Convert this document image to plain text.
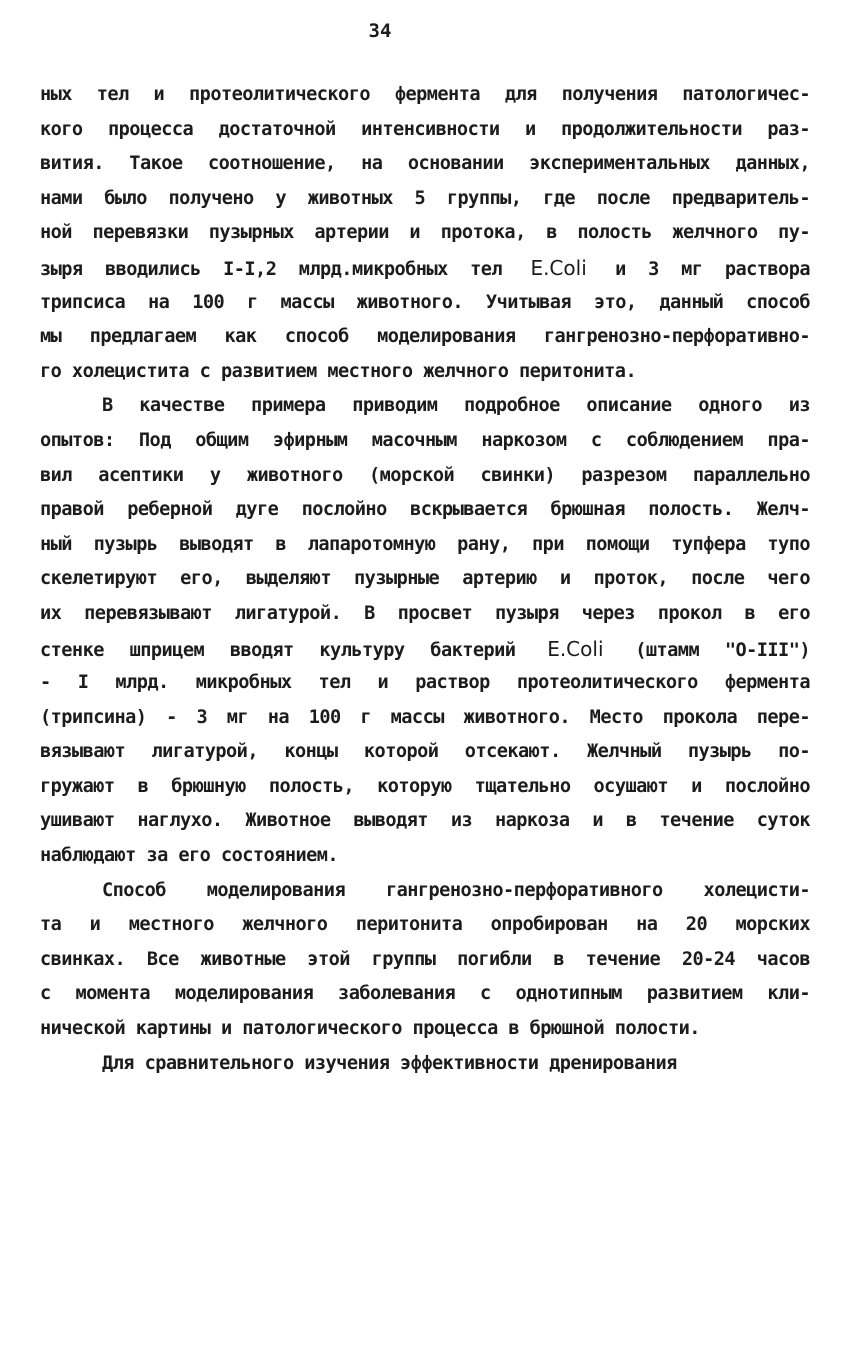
34
ных тел и протеолитического фермента для получения патологичес-
кого процесса достаточной интенсивности и продолжительности раз-
вития. Такое соотношение, на основании экспериментальных данных,
нами было получено у животных 5 группы, где после предваритель-
ной перевязки пузырных артерии и протока, в полость желчного пу-
зыря вводились I-I,2 млрд.микробных тел E.Coli и 3 мг раствора
трипсиса на 100 г массы животного. Учитывая это, данный способ
мы предлагаем как способ моделирования гангренозно-перфоративно-
го холецистита с развитием местного желчного перитонита.
В качестве примера приводим подробное описание одного из
опытов: Под общим эфирным масочным наркозом с соблюдением пра-
вил асептики у животного (морской свинки) разрезом параллельно
правой реберной дуге послойно вскрывается брюшная полость. Желч-
ный пузырь выводят в лапаротомную рану, при помощи тупфера тупо
скелетируют его, выделяют пузырные артерию и проток, после чего
их перевязывают лигатурой. В просвет пузыря через прокол в его
стенке шприцем вводят культуру бактерий E.Coli (штамм "O-III")
- I млрд. микробных тел и раствор протеолитического фермента
(трипсина) - 3 мг на 100 г массы животного. Место прокола пере-
вязывают лигатурой, концы которой отсекают. Желчный пузырь по-
гружают в брюшную полость, которую тщательно осушают и послойно
ушивают наглухо. Животное выводят из наркоза и в течение суток
наблюдают за его состоянием.
Способ моделирования гангренозно-перфоративного холецисти-
та и местного желчного перитонита опробирован на 20 морских
свинках. Все животные этой группы погибли в течение 20-24 часов
с момента моделирования заболевания с однотипным развитием кли-
нической картины и патологического процесса в брюшной полости.
Для сравнительного изучения эффективности дренирования
